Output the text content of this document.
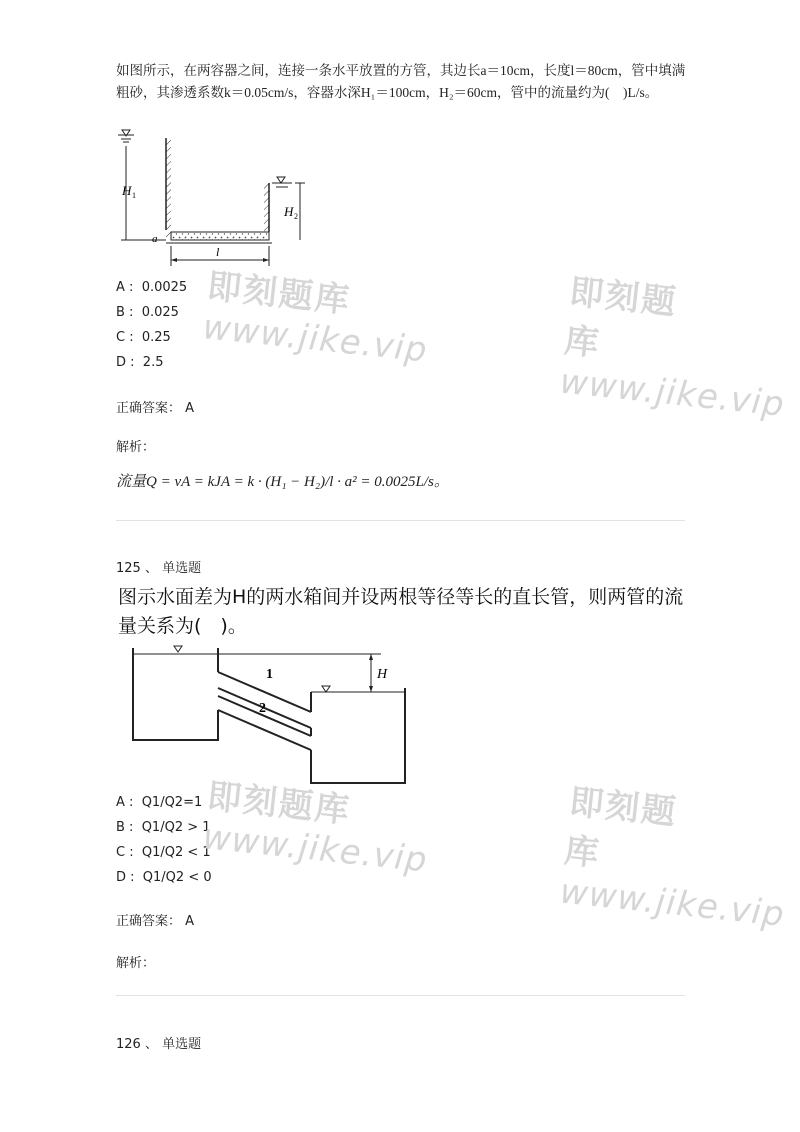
如图所示，在两容器之间，连接一条水平放置的方管，其边长a＝10cm，长度l＝80cm，管中填满粗砂，其渗透系数k＝0.05cm/s，容器水深H₁＝100cm，H₂＝60cm，管中的流量约为(　)L/s。
H 1
H 2
a
l
A :  0.0025
B :  0.025
C :  0.25
D :  2.5
正确答案： A
解析：
流量Q = vA = kJA = k · (H₁ − H₂)/l · a² = 0.0025L/s。
125 、 单选题
图示水面差为H的两水箱间并设两根等径等长的直长管，则两管的流量关系为(　)。
1
2
H
A :  Q1/Q2=1
B :  Q1/Q2 > 1
C :  Q1/Q2 < 1
D :  Q1/Q2 < 0
正确答案： A
解析：
126 、 单选题
即刻题库
www.jike.vip
即刻题库
www.jike.vip
即刻题库
www.jike.vip
即刻题库
www.jike.vip
